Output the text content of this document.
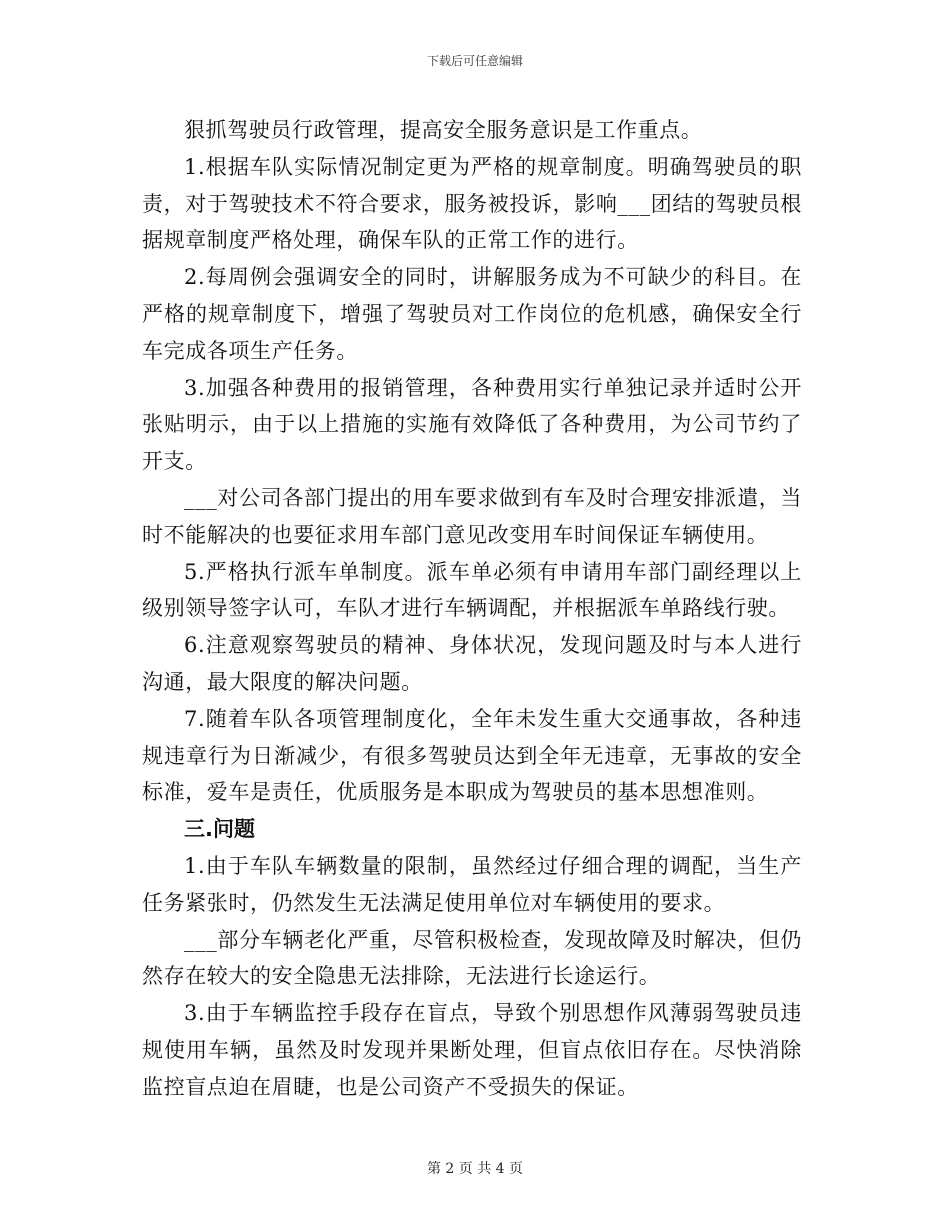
下载后可任意编辑

狠抓驾驶员行政管理，提高安全服务意识是工作重点。

1.根据车队实际情况制定更为严格的规章制度。明确驾驶员的职责，对于驾驶技术不符合要求，服务被投诉，影响___团结的驾驶员根据规章制度严格处理，确保车队的正常工作的进行。

2.每周例会强调安全的同时，讲解服务成为不可缺少的科目。在严格的规章制度下，增强了驾驶员对工作岗位的危机感，确保安全行车完成各项生产任务。

3.加强各种费用的报销管理，各种费用实行单独记录并适时公开张贴明示，由于以上措施的实施有效降低了各种费用，为公司节约了开支。

___对公司各部门提出的用车要求做到有车及时合理安排派遣，当时不能解决的也要征求用车部门意见改变用车时间保证车辆使用。

5.严格执行派车单制度。派车单必须有申请用车部门副经理以上级别领导签字认可，车队才进行车辆调配，并根据派车单路线行驶。

6.注意观察驾驶员的精神、身体状况，发现问题及时与本人进行沟通，最大限度的解决问题。

7.随着车队各项管理制度化，全年未发生重大交通事故，各种违规违章行为日渐减少，有很多驾驶员达到全年无违章，无事故的安全标准，爱车是责任，优质服务是本职成为驾驶员的基本思想准则。

三.问题

1.由于车队车辆数量的限制，虽然经过仔细合理的调配，当生产任务紧张时，仍然发生无法满足使用单位对车辆使用的要求。

___部分车辆老化严重，尽管积极检查，发现故障及时解决，但仍然存在较大的安全隐患无法排除，无法进行长途运行。

3.由于车辆监控手段存在盲点，导致个别思想作风薄弱驾驶员违规使用车辆，虽然及时发现并果断处理，但盲点依旧存在。尽快消除监控盲点迫在眉睫，也是公司资产不受损失的保证。

第 2 页 共 4 页
